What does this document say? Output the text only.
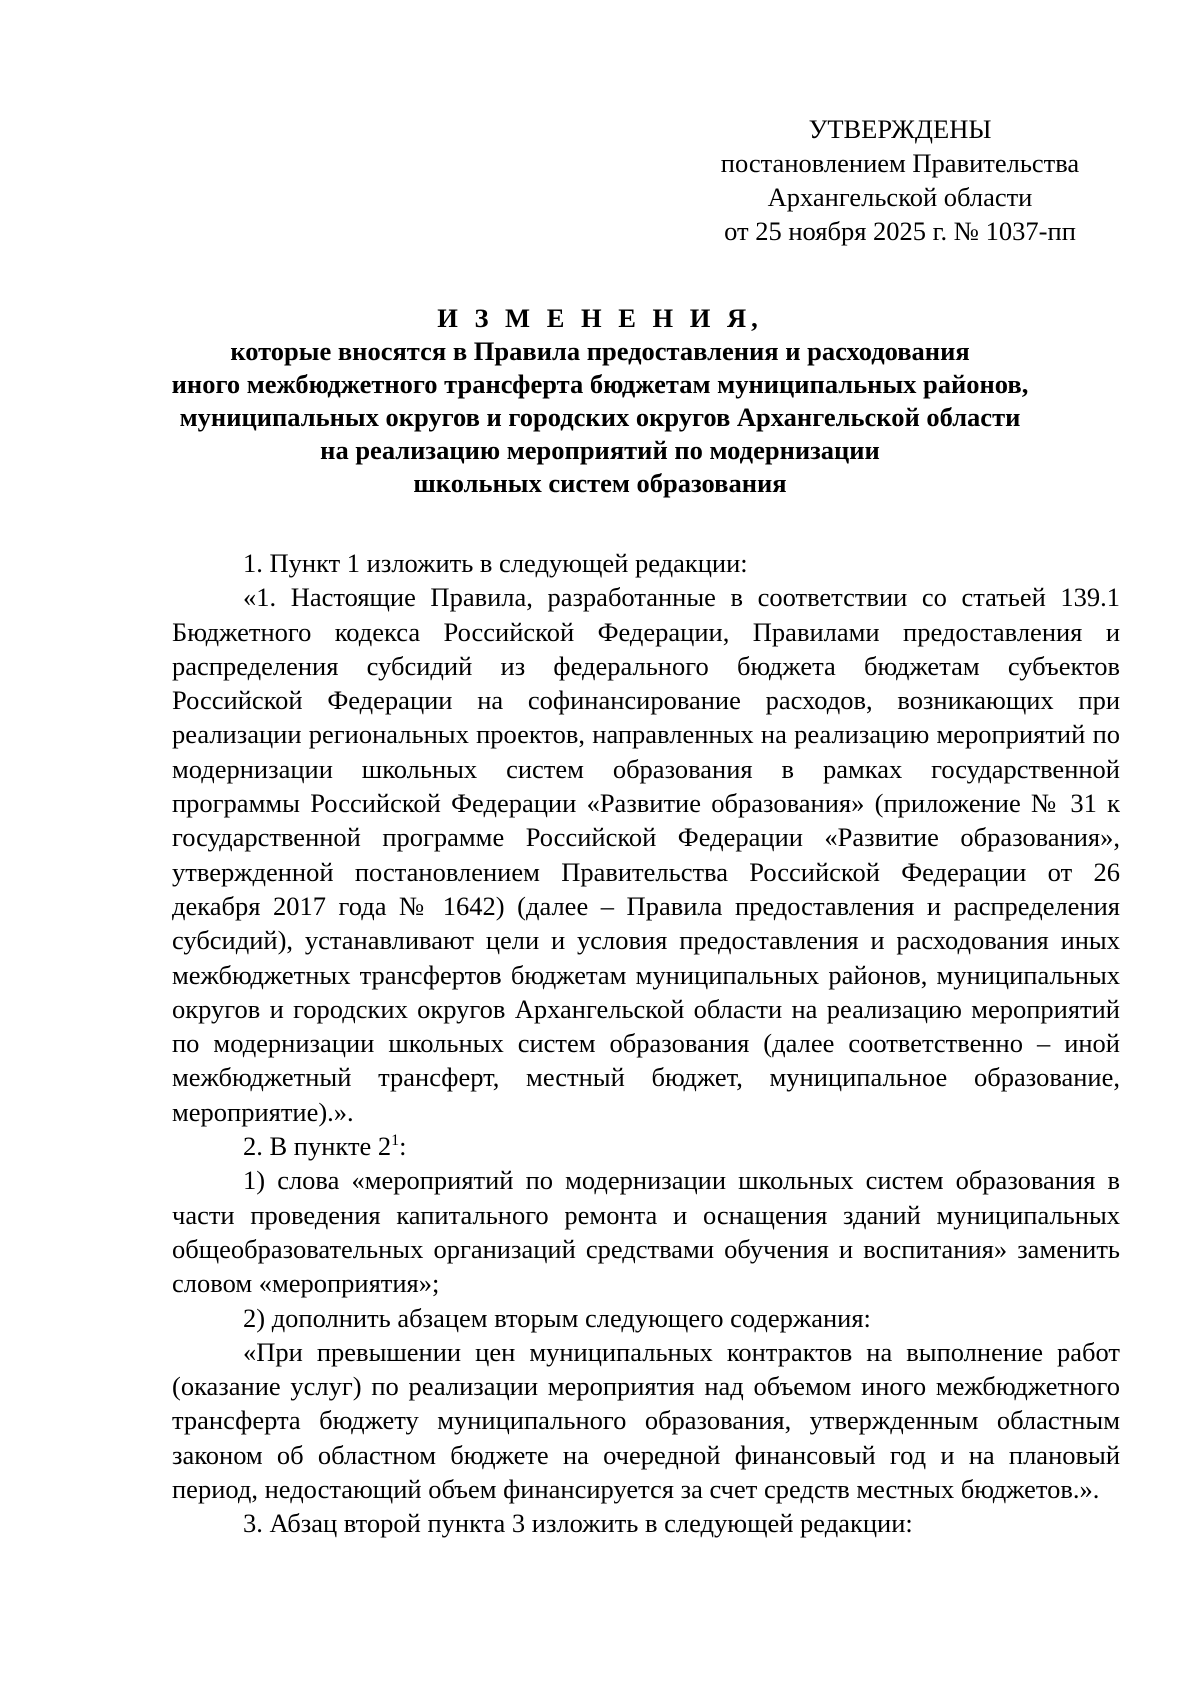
УТВЕРЖДЕНЫ
постановлением Правительства
Архангельской области
от 25 ноября 2025 г. № 1037-пп
И З М Е Н Е Н И Я,
которые вносятся в Правила предоставления и расходования
иного межбюджетного трансферта бюджетам муниципальных районов,
муниципальных округов и городских округов Архангельской области
на реализацию мероприятий по модернизации
школьных систем образования

1. Пункт 1 изложить в следующей редакции:

«1. Настоящие Правила, разработанные в соответствии со статьей 139.1 Бюджетного кодекса Российской Федерации, Правилами предоставления и распределения субсидий из федерального бюджета бюджетам субъектов Российской Федерации на софинансирование расходов, возникающих при реализации региональных проектов, направленных на реализацию мероприятий по модернизации школьных систем образования в рамках государственной программы Российской Федерации «Развитие образования» (приложение № 31 к государственной программе Российской Федерации «Развитие образования», утвержденной постановлением Правительства Российской Федерации от 26 декабря 2017 года № 1642) (далее – Правила предоставления и распределения субсидий), устанавливают цели и условия предоставления и расходования иных межбюджетных трансфертов бюджетам муниципальных районов, муниципальных округов и городских округов Архангельской области на реализацию мероприятий по модернизации школьных систем образования (далее соответственно – иной межбюджетный трансферт, местный бюджет, муниципальное образование, мероприятие).».

2. В пункте $2^1$:

1) слова «мероприятий по модернизации школьных систем образования в части проведения капитального ремонта и оснащения зданий муниципальных общеобразовательных организаций средствами обучения и воспитания» заменить словом «мероприятия»;

2) дополнить абзацем вторым следующего содержания:

«При превышении цен муниципальных контрактов на выполнение работ (оказание услуг) по реализации мероприятия над объемом иного межбюджетного трансферта бюджету муниципального образования, утвержденным областным законом об областном бюджете на очередной финансовый год и на плановый период, недостающий объем финансируется за счет средств местных бюджетов.».

3. Абзац второй пункта 3 изложить в следующей редакции:
